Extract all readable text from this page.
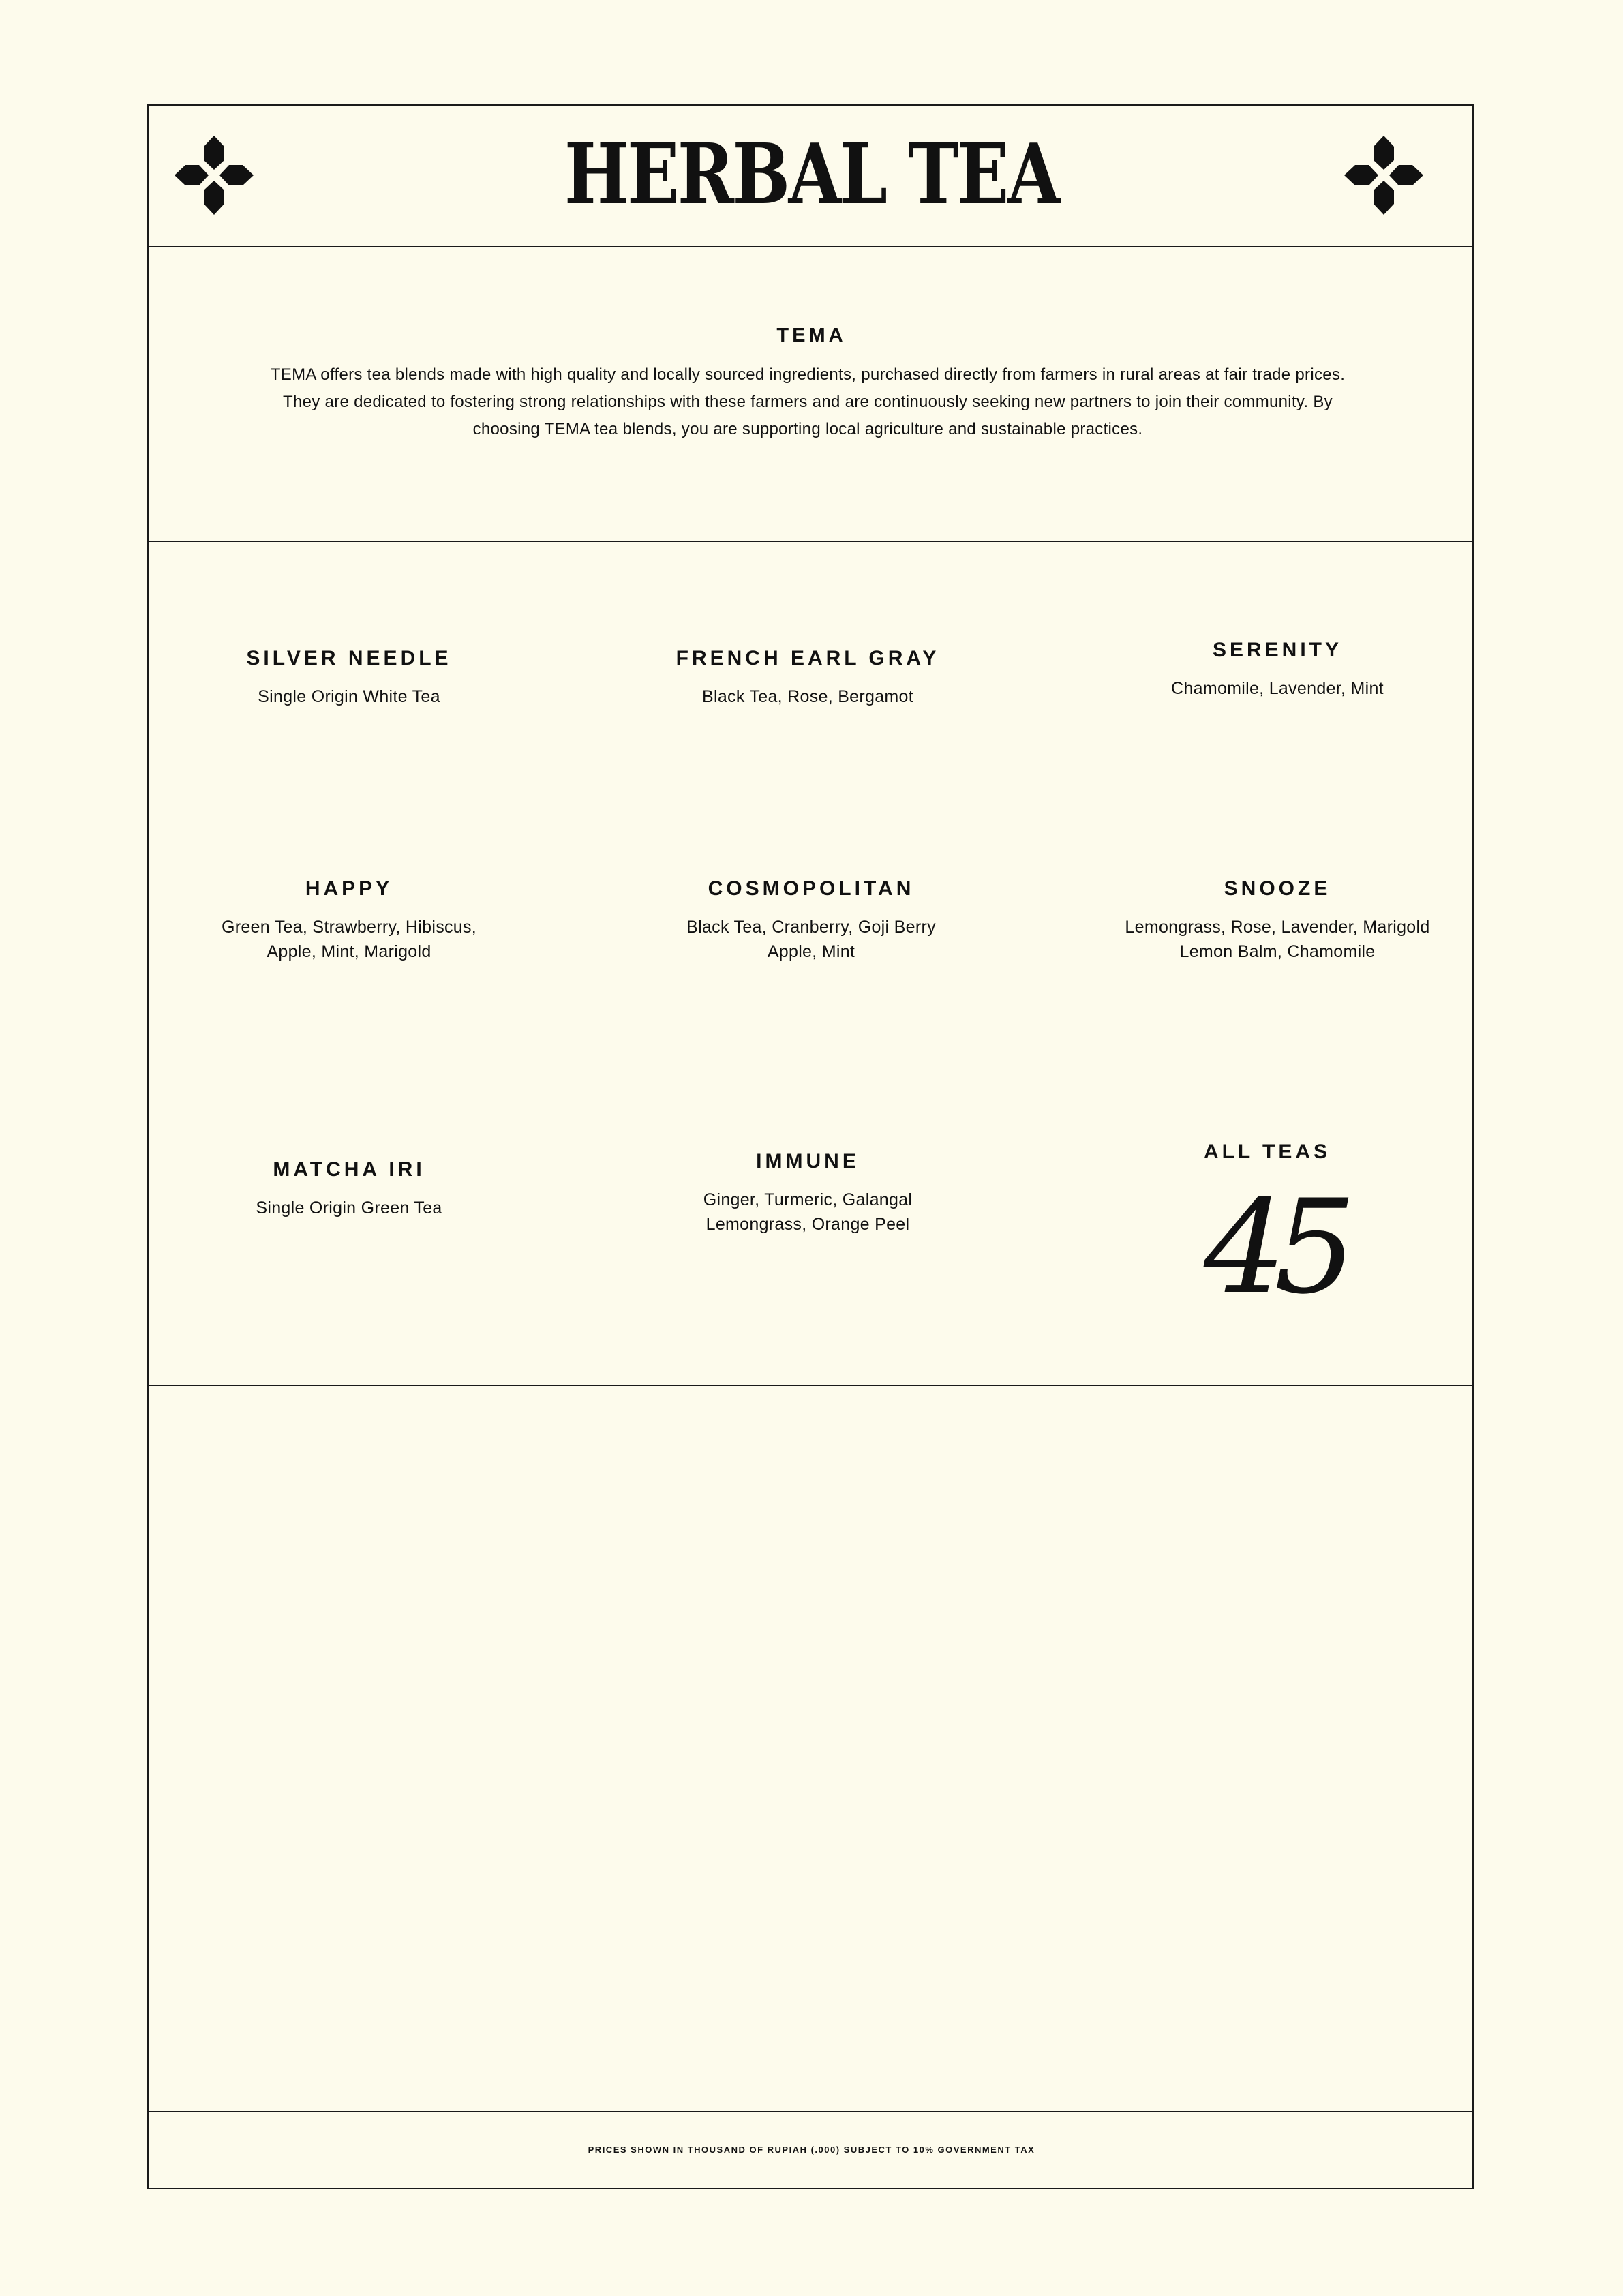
HERBAL TEA
TEMA
TEMA offers tea blends made with high quality and locally sourced ingredients, purchased directly from farmers in rural areas at fair trade prices. They are dedicated to fostering strong relationships with these farmers and are continuously seeking new partners to join their community. By choosing TEMA tea blends, you are supporting local agriculture and sustainable practices.
SILVER NEEDLE
Single Origin White Tea
FRENCH EARL GRAY
Black Tea, Rose, Bergamot
SERENITY
Chamomile, Lavender, Mint
HAPPY
Green Tea, Strawberry, Hibiscus,
Apple, Mint, Marigold
COSMOPOLITAN
Black Tea, Cranberry, Goji Berry
Apple, Mint
SNOOZE
Lemongrass, Rose, Lavender, Marigold
Lemon Balm, Chamomile
MATCHA IRI
Single Origin Green Tea
IMMUNE
Ginger, Turmeric, Galangal
Lemongrass, Orange Peel
ALL TEAS
45
PRICES SHOWN IN THOUSAND OF RUPIAH (.000) SUBJECT TO 10% GOVERNMENT TAX
